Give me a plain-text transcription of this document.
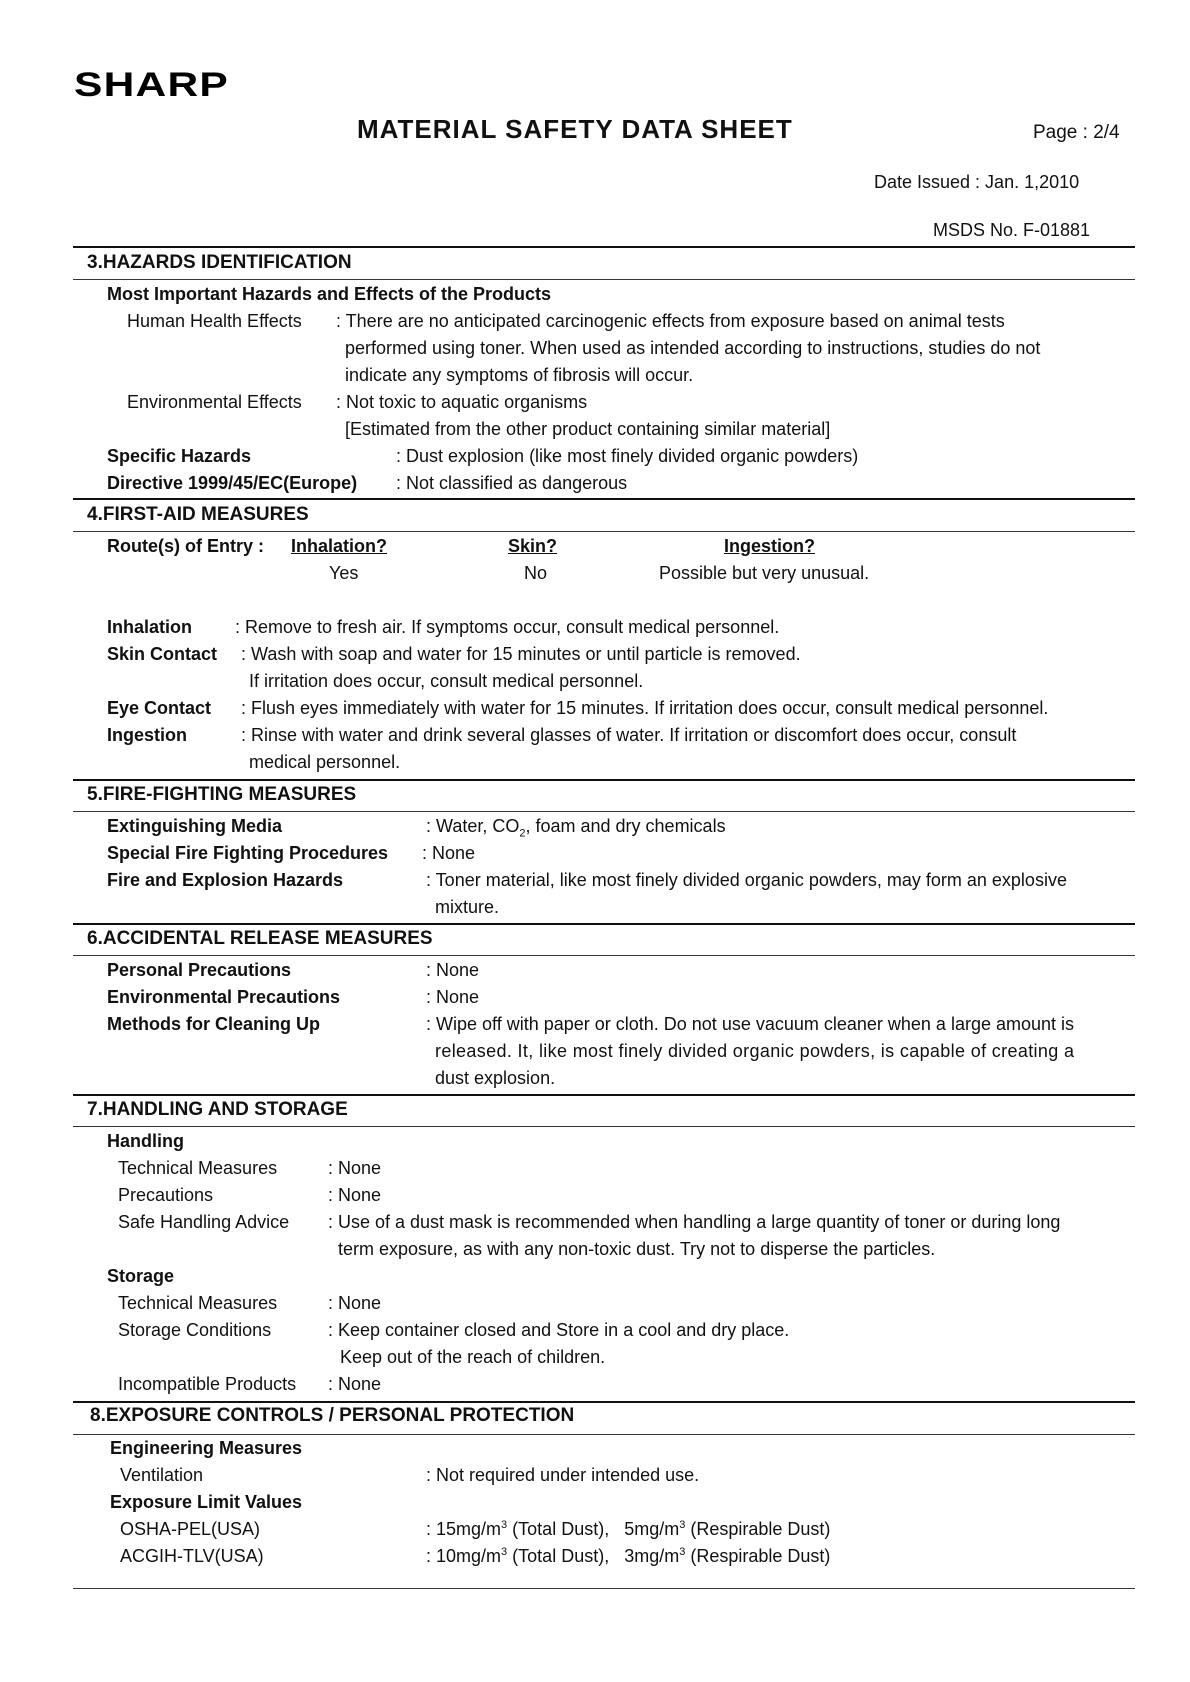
SHARP
MATERIAL SAFETY DATA SHEET	Page : 2/4
Date Issued : Jan. 1,2010
MSDS No. F-01881
3.HAZARDS IDENTIFICATION
Most Important Hazards and Effects of the Products
Human Health Effects : There are no anticipated carcinogenic effects from exposure based on animal tests
performed using toner. When used as intended according to instructions, studies do not
indicate any symptoms of fibrosis will occur.
Environmental Effects : Not toxic to aquatic organisms
[Estimated from the other product containing similar material]
Specific Hazards	: Dust explosion (like most finely divided organic powders)
Directive 1999/45/EC(Europe) : Not classified as dangerous
4.FIRST-AID MEASURES
Route(s) of Entry : Inhalation?	Skin?	Ingestion?
Yes	No	Possible but very unusual.
Inhalation : Remove to fresh air. If symptoms occur, consult medical personnel.
Skin Contact : Wash with soap and water for 15 minutes or until particle is removed.
If irritation does occur, consult medical personnel.
Eye Contact : Flush eyes immediately with water for 15 minutes. If irritation does occur, consult medical personnel.
Ingestion	: Rinse with water and drink several glasses of water. If irritation or discomfort does occur, consult
medical personnel.
5.FIRE-FIGHTING MEASURES
Extinguishing Media	: Water, $CO_2$, foam and dry chemicals
Special Fire Fighting Procedures : None
Fire and Explosion Hazards	: Toner material, like most finely divided organic powders, may form an explosive
mixture.
6.ACCIDENTAL RELEASE MEASURES
Personal Precautions	: None
Environmental Precautions	: None
Methods for Cleaning Up	: Wipe off with paper or cloth. Do not use vacuum cleaner when a large amount is
released. It, like most finely divided organic powders, is capable of creating a
dust explosion.
7.HANDLING AND STORAGE
Handling
Technical Measures	: None
Precautions	: None
Safe Handling Advice : Use of a dust mask is recommended when handling a large quantity of toner or during long
term exposure, as with any non-toxic dust. Try not to disperse the particles.
Storage
Technical Measures	: None
Storage Conditions	: Keep container closed and Store in a cool and dry place.
Keep out of the reach of children.
Incompatible Products : None
8.EXPOSURE CONTROLS / PERSONAL PROTECTION
Engineering Measures
Ventilation	: Not required under intended use.
Exposure Limit Values
OSHA-PEL(USA)	: $15mg/m^3$ (Total Dust), $5mg/m^3$ (Respirable Dust)
ACGIH-TLV(USA)	: $10mg/m^3$ (Total Dust), $3mg/m^3$ (Respirable Dust)
